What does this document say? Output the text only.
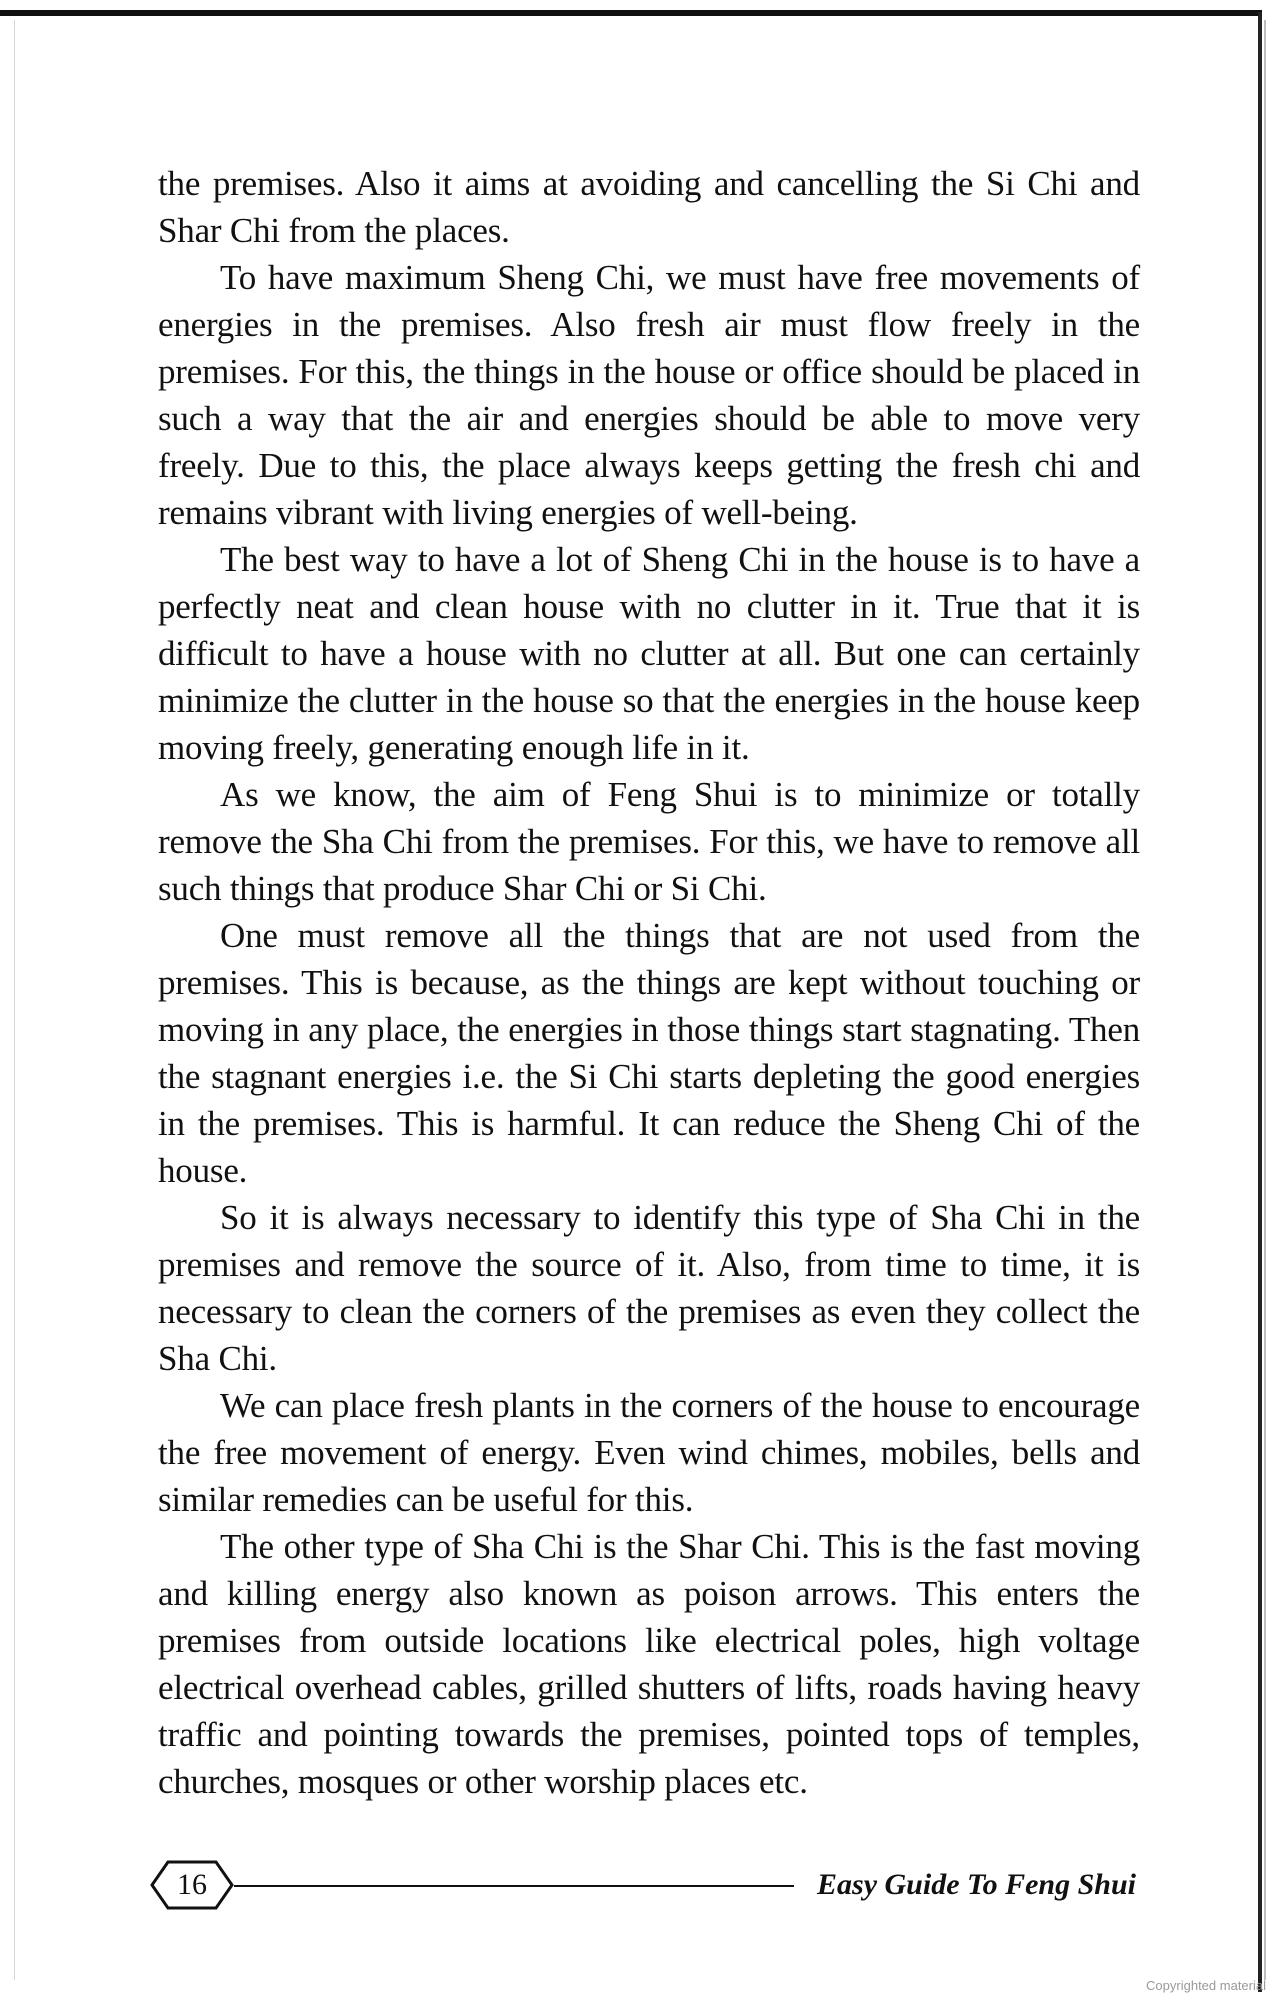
the premises. Also it aims at avoiding and cancelling the Si Chi and Shar Chi from the places.

To have maximum Sheng Chi, we must have free movements of energies in the premises. Also fresh air must flow freely in the premises. For this, the things in the house or office should be placed in such a way that the air and energies should be able to move very freely. Due to this, the place always keeps getting the fresh chi and remains vibrant with living energies of well-being.

The best way to have a lot of Sheng Chi in the house is to have a perfectly neat and clean house with no clutter in it. True that it is difficult to have a house with no clutter at all. But one can certainly minimize the clutter in the house so that the energies in the house keep moving freely, generating enough life in it.

As we know, the aim of Feng Shui is to minimize or totally remove the Sha Chi from the premises. For this, we have to remove all such things that produce Shar Chi or Si Chi.

One must remove all the things that are not used from the premises. This is because, as the things are kept without touching or moving in any place, the energies in those things start stagnating. Then the stagnant energies i.e. the Si Chi starts depleting the good energies in the premises. This is harmful. It can reduce the Sheng Chi of the house.

So it is always necessary to identify this type of Sha Chi in the premises and remove the source of it. Also, from time to time, it is necessary to clean the corners of the premises as even they collect the Sha Chi.

We can place fresh plants in the corners of the house to encourage the free movement of energy. Even wind chimes, mobiles, bells and similar remedies can be useful for this.

The other type of Sha Chi is the Shar Chi. This is the fast moving and killing energy also known as poison arrows. This enters the premises from outside locations like electrical poles, high voltage electrical overhead cables, grilled shutters of lifts, roads having heavy traffic and pointing towards the premises, pointed tops of temples, churches, mosques or other worship places etc.

16	Easy Guide To Feng Shui
Copyrighted material
